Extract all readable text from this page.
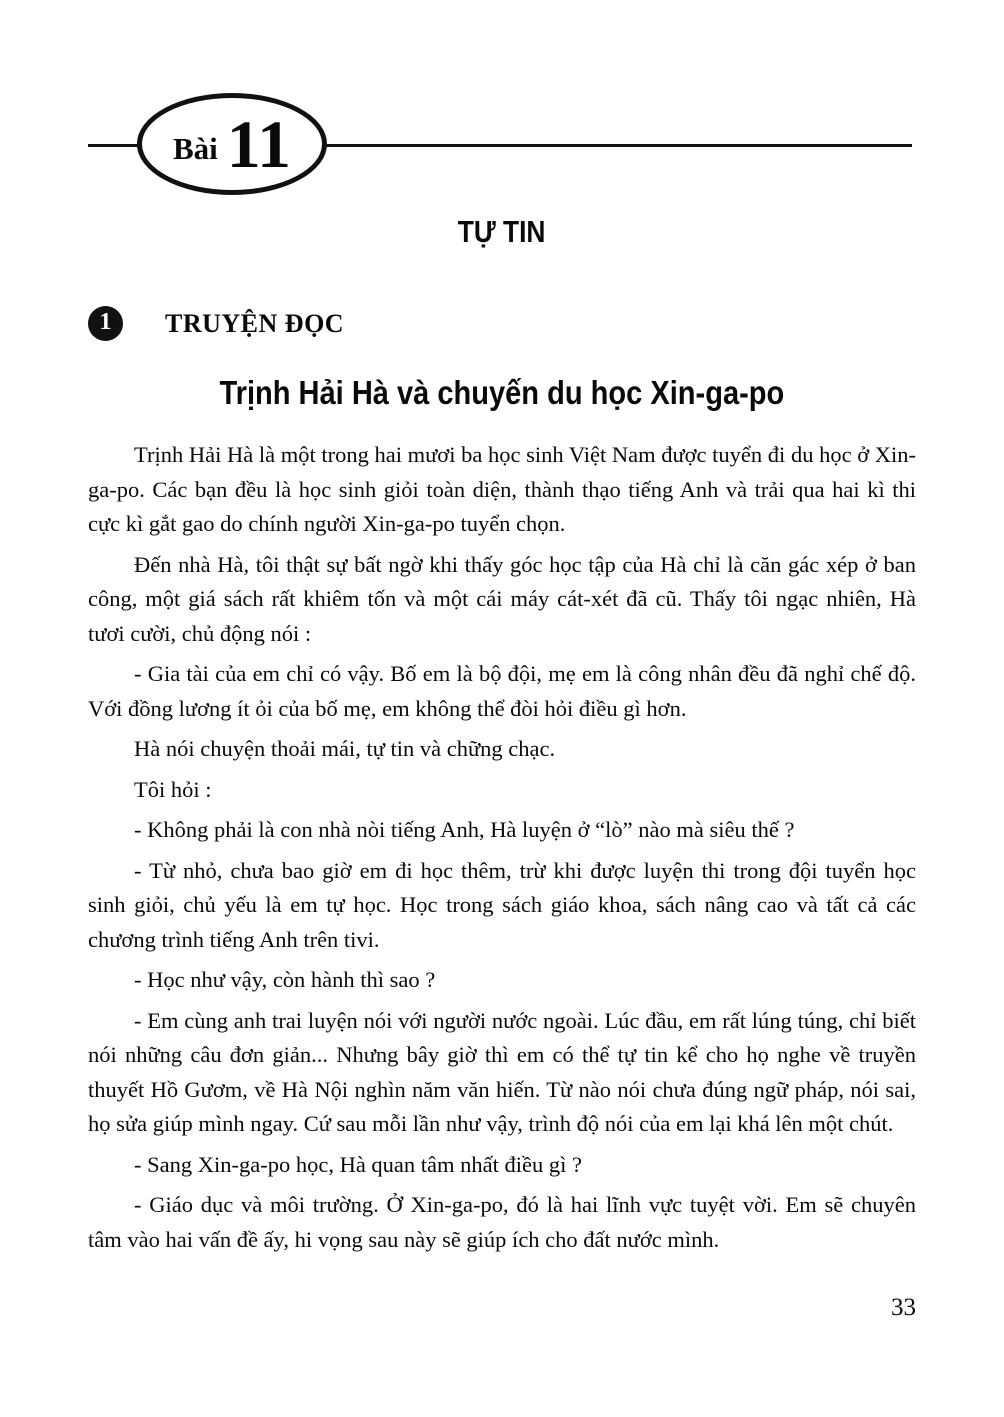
Bài 11
TỰ TIN
1 TRUYỆN ĐỌC
Trịnh Hải Hà và chuyến du học Xin-ga-po

Trịnh Hải Hà là một trong hai mươi ba học sinh Việt Nam được tuyển đi du học ở Xin-ga-po. Các bạn đều là học sinh giỏi toàn diện, thành thạo tiếng Anh và trải qua hai kì thi cực kì gắt gao do chính người Xin-ga-po tuyển chọn.

Đến nhà Hà, tôi thật sự bất ngờ khi thấy góc học tập của Hà chỉ là căn gác xép ở ban công, một giá sách rất khiêm tốn và một cái máy cát-xét đã cũ. Thấy tôi ngạc nhiên, Hà tươi cười, chủ động nói :

- Gia tài của em chỉ có vậy. Bố em là bộ đội, mẹ em là công nhân đều đã nghỉ chế độ. Với đồng lương ít ỏi của bố mẹ, em không thể đòi hỏi điều gì hơn.

Hà nói chuyện thoải mái, tự tin và chững chạc.

Tôi hỏi :

- Không phải là con nhà nòi tiếng Anh, Hà luyện ở “lò” nào mà siêu thế ?

- Từ nhỏ, chưa bao giờ em đi học thêm, trừ khi được luyện thi trong đội tuyển học sinh giỏi, chủ yếu là em tự học. Học trong sách giáo khoa, sách nâng cao và tất cả các chương trình tiếng Anh trên tivi.

- Học như vậy, còn hành thì sao ?

- Em cùng anh trai luyện nói với người nước ngoài. Lúc đầu, em rất lúng túng, chỉ biết nói những câu đơn giản... Nhưng bây giờ thì em có thể tự tin kể cho họ nghe về truyền thuyết Hồ Gươm, về Hà Nội nghìn năm văn hiến. Từ nào nói chưa đúng ngữ pháp, nói sai, họ sửa giúp mình ngay. Cứ sau mỗi lần như vậy, trình độ nói của em lại khá lên một chút.

- Sang Xin-ga-po học, Hà quan tâm nhất điều gì ?

- Giáo dục và môi trường. Ở Xin-ga-po, đó là hai lĩnh vực tuyệt vời. Em sẽ chuyên tâm vào hai vấn đề ấy, hi vọng sau này sẽ giúp ích cho đất nước mình.

33
